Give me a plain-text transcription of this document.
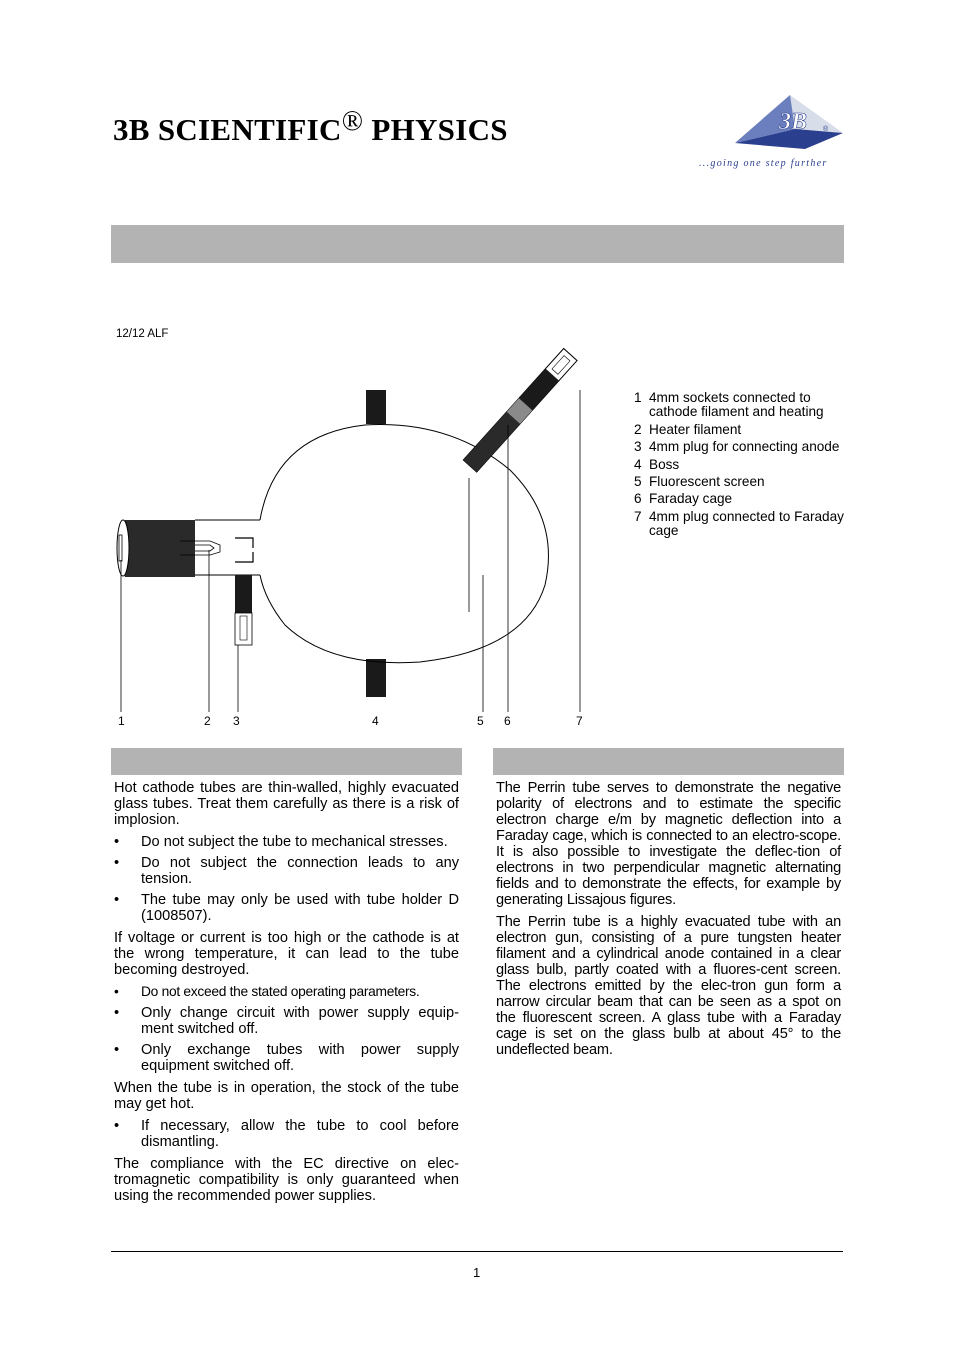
3B SCIENTIFIC® PHYSICS	3B ®
...going one step further
12/12 ALF
1	2 3	4	5 6	7
1 4mm sockets connected to cathode filament and heating
2 Heater filament
3 4mm plug for connecting anode
4 Boss
5 Fluorescent screen
6 Faraday cage
7 4mm plug connected to Faraday cage

Hot cathode tubes are thin-walled, highly evacuated glass tubes. Treat them carefully as there is a risk of implosion.

• Do not subject the tube to mechanical stresses.
• Do not subject the connection leads to any tension.
• The tube may only be used with tube holder D (1008507).

If voltage or current is too high or the cathode is at the wrong temperature, it can lead to the tube becoming destroyed.

• Do not exceed the stated operating parameters.
• Only change circuit with power supply equip-ment switched off.
• Only exchange tubes with power supply equipment switched off.

When the tube is in operation, the stock of the tube may get hot.

• If necessary, allow the tube to cool before dismantling.

The compliance with the EC directive on elec-tromagnetic compatibility is only guaranteed when using the recommended power supplies.

The Perrin tube serves to demonstrate the negative polarity of electrons and to estimate the specific electron charge e/m by magnetic deflection into a Faraday cage, which is connected to an electro-scope. It is also possible to investigate the deflec-tion of electrons in two perpendicular magnetic alternating fields and to demonstrate the effects, for example by generating Lissajous figures.

The Perrin tube is a highly evacuated tube with an electron gun, consisting of a pure tungsten heater filament and a cylindrical anode contained in a clear glass bulb, partly coated with a fluores-cent screen. The electrons emitted by the elec-tron gun form a narrow circular beam that can be seen as a spot on the fluorescent screen. A glass tube with a Faraday cage is set on the glass bulb at about 45° to the undeflected beam.

1
